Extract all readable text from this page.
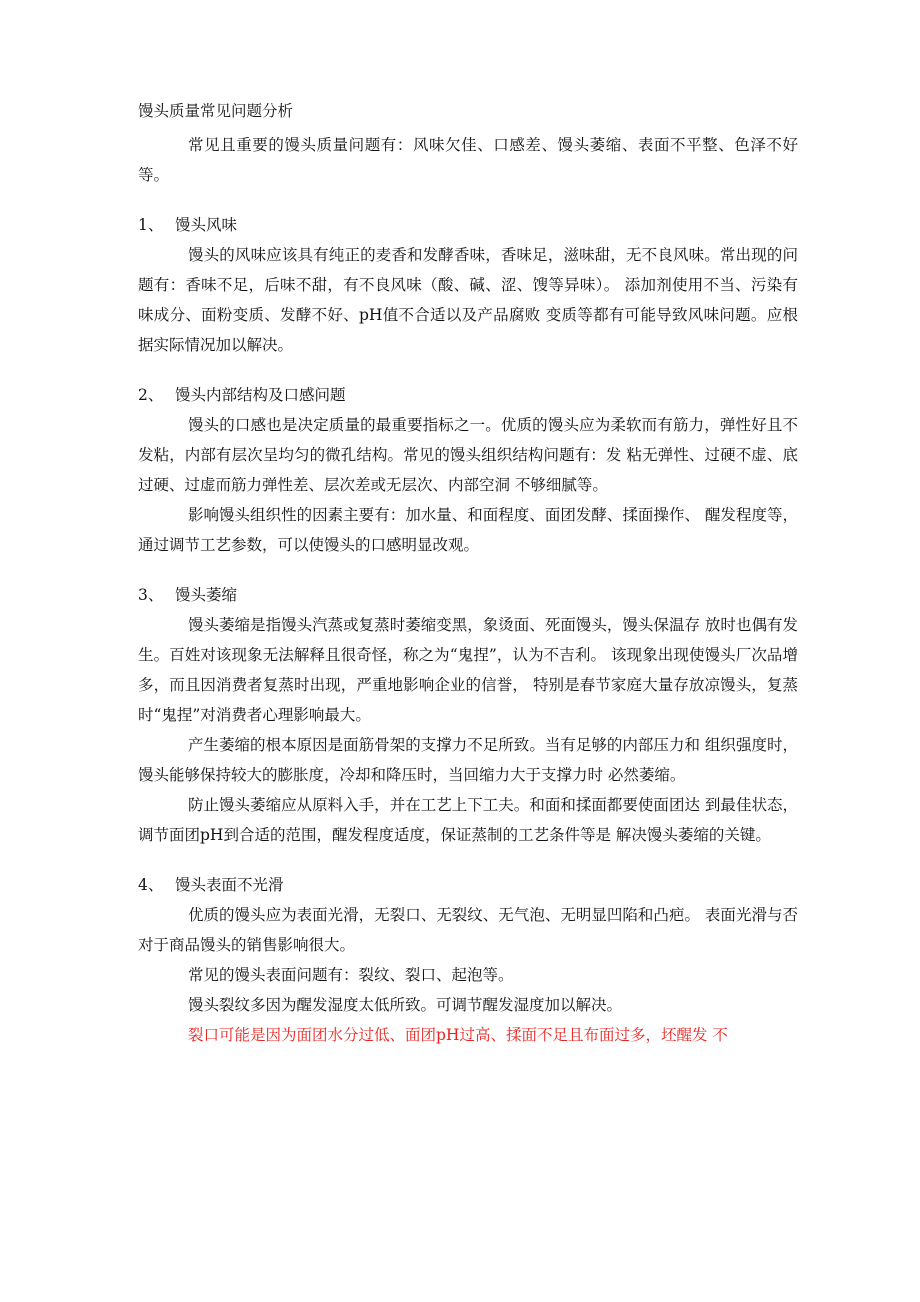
馒头质量常见问题分析

常见且重要的馒头质量问题有：风味欠佳、口感差、馒头萎缩、表面不平整、色泽不好等。

1、 馒头风味

馒头的风味应该具有纯正的麦香和发酵香味，香味足，滋味甜，无不良风味。常出现的问题有：香味不足，后味不甜，有不良风味（酸、碱、涩、馊等异味）。 添加剂使用不当、污染有味成分、面粉变质、发酵不好、pH值不合适以及产品腐败 变质等都有可能导致风味问题。应根据实际情况加以解决。

2、 馒头内部结构及口感问题

馒头的口感也是决定质量的最重要指标之一。优质的馒头应为柔软而有筋力，弹性好且不发粘，内部有层次呈均匀的微孔结构。常见的馒头组织结构问题有：发 粘无弹性、过硬不虚、底过硬、过虚而筋力弹性差、层次差或无层次、内部空洞 不够细腻等。

影响馒头组织性的因素主要有：加水量、和面程度、面团发酵、揉面操作、 醒发程度等，通过调节工艺参数，可以使馒头的口感明显改观。

3、 馒头萎缩

馒头萎缩是指馒头汽蒸或复蒸时萎缩变黑，象烫面、死面馒头，馒头保温存 放时也偶有发生。百姓对该现象无法解释且很奇怪，称之为“鬼捏”，认为不吉利。 该现象出现使馒头厂次品增多，而且因消费者复蒸时出现，严重地影响企业的信誉， 特别是春节家庭大量存放凉馒头，复蒸时“鬼捏”对消费者心理影响最大。

产生萎缩的根本原因是面筋骨架的支撑力不足所致。当有足够的内部压力和 组织强度时，馒头能够保持较大的膨胀度，冷却和降压时，当回缩力大于支撑力时 必然萎缩。

防止馒头萎缩应从原料入手，并在工艺上下工夫。和面和揉面都要使面团达 到最佳状态，调节面团pH到合适的范围，醒发程度适度，保证蒸制的工艺条件等是 解决馒头萎缩的关键。

4、 馒头表面不光滑

优质的馒头应为表面光滑，无裂口、无裂纹、无气泡、无明显凹陷和凸疤。 表面光滑与否对于商品馒头的销售影响很大。

常见的馒头表面问题有：裂纹、裂口、起泡等。

馒头裂纹多因为醒发湿度太低所致。可调节醒发湿度加以解决。

裂口可能是因为面团水分过低、面团pH过高、揉面不足且布面过多，坯醒发 不
